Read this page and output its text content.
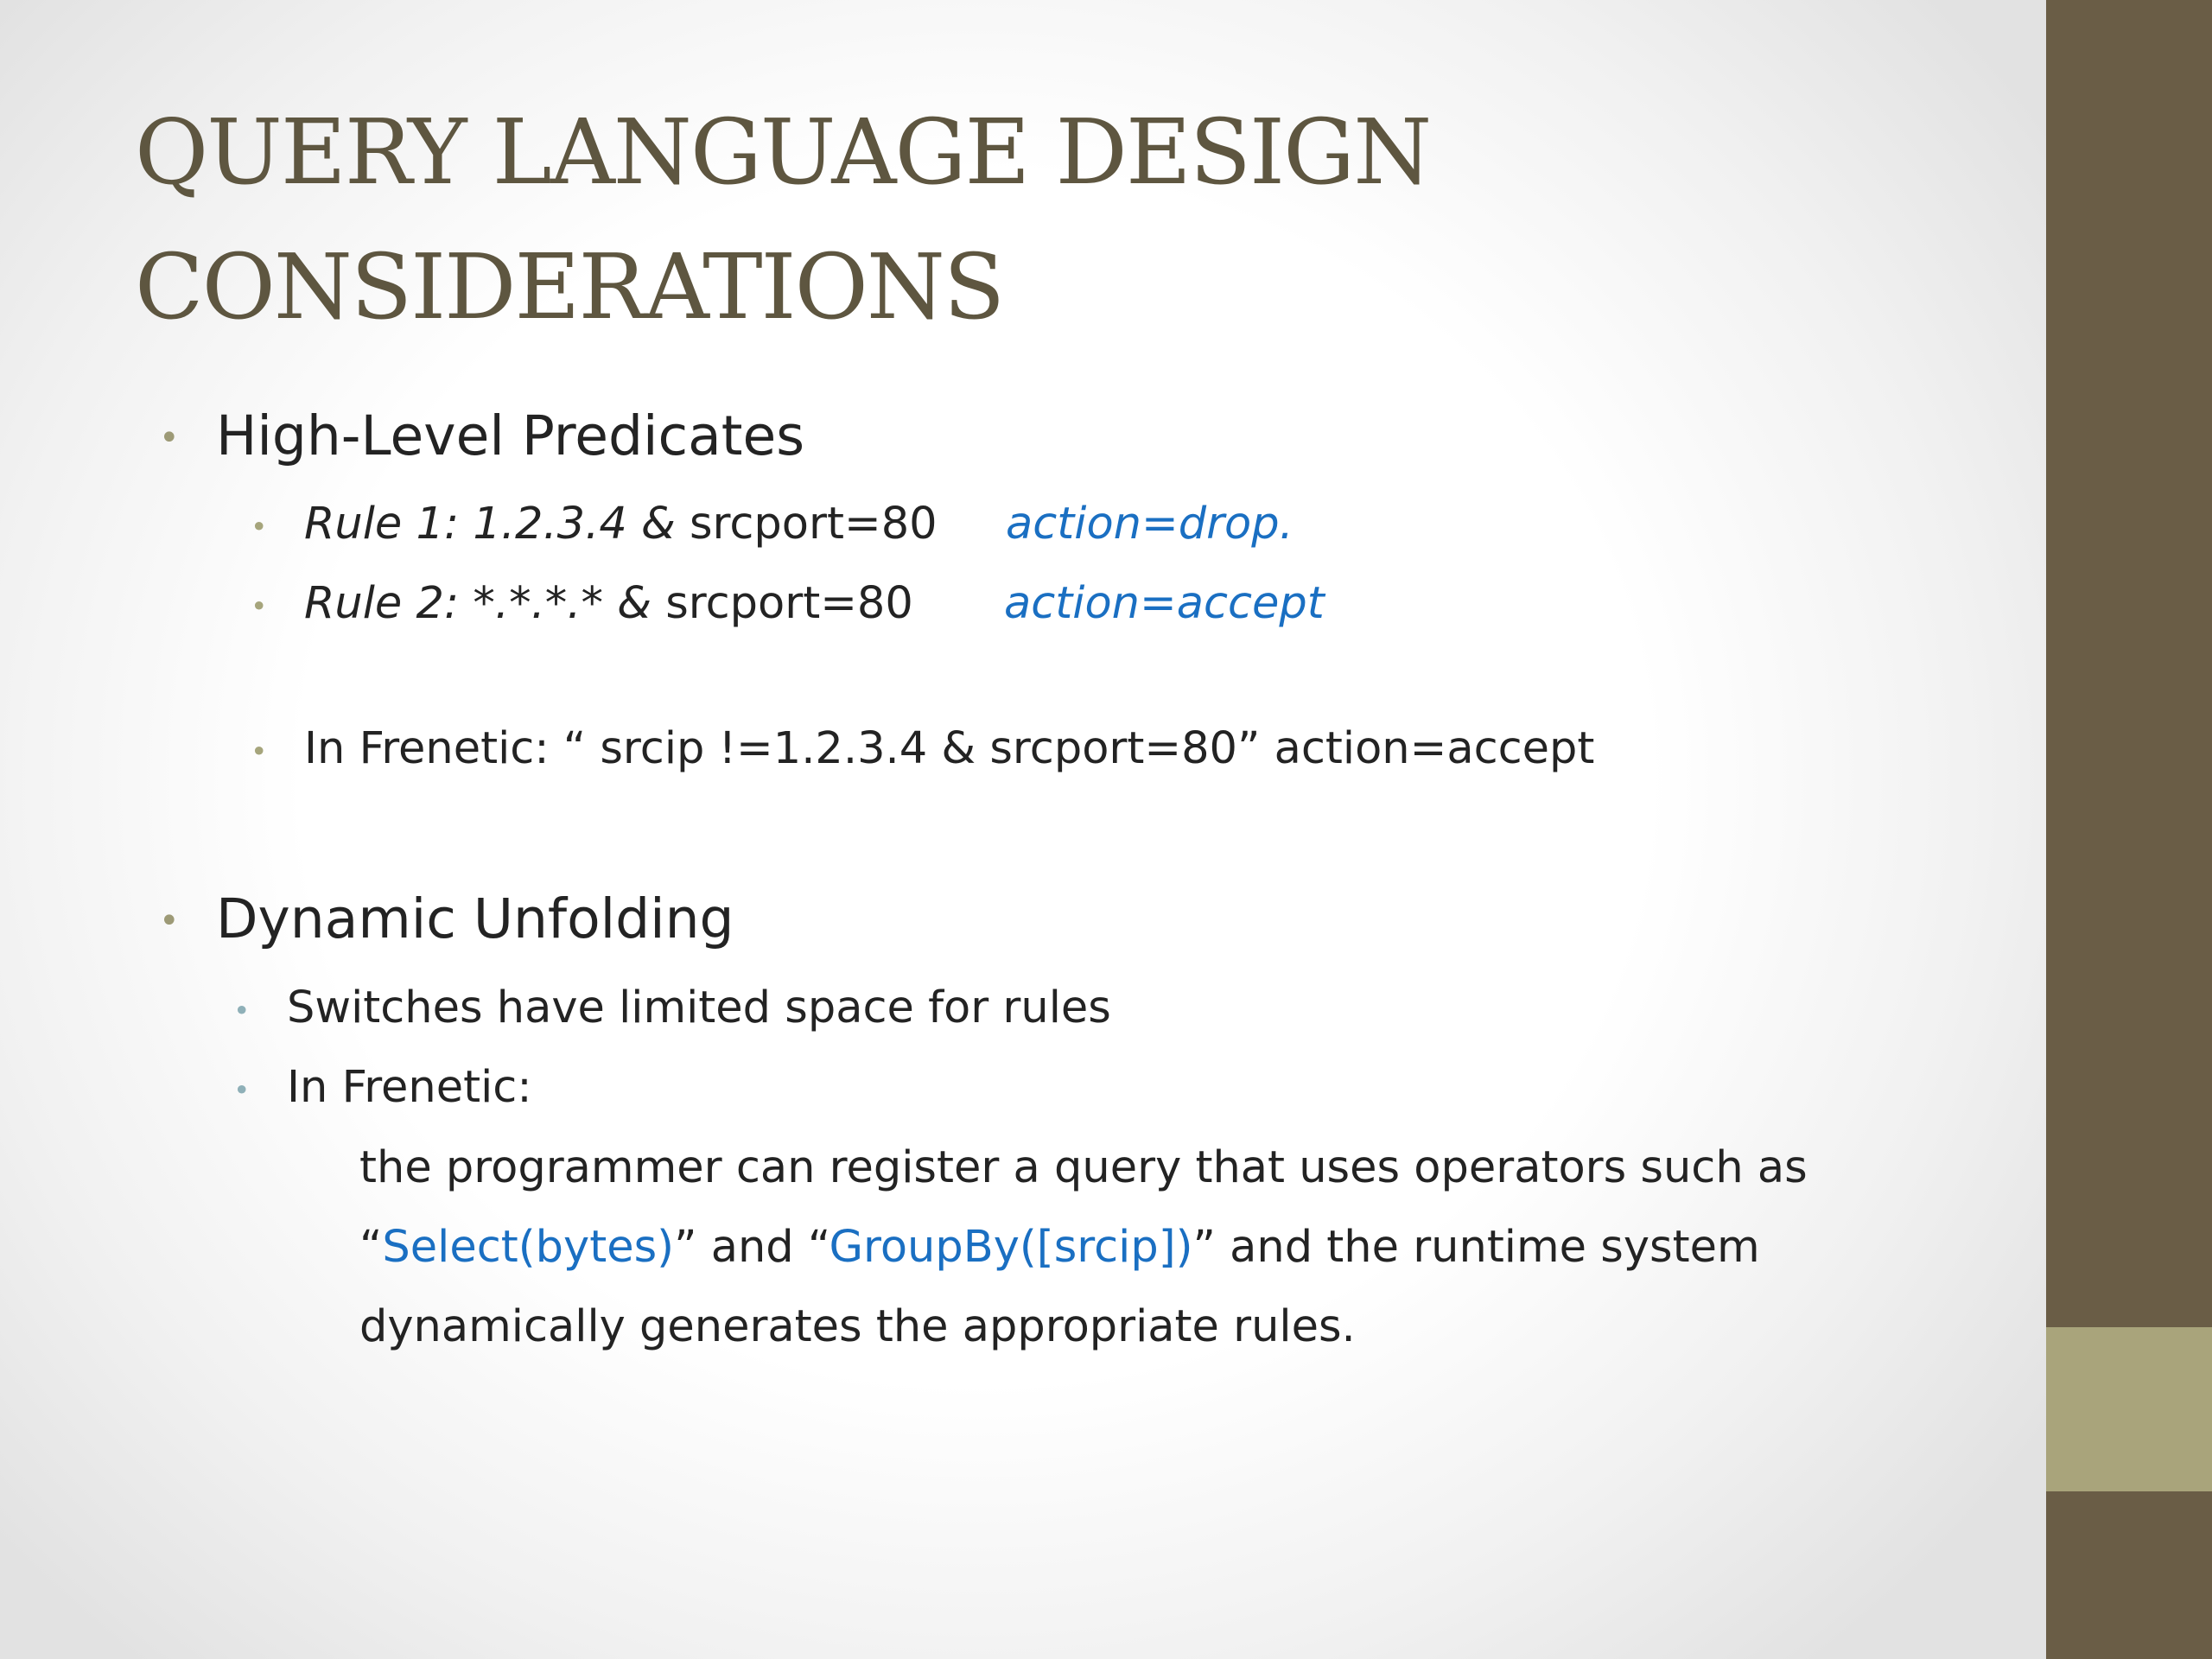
QUERY LANGUAGE DESIGN
CONSIDERATIONS
• High-Level Predicates
• Rule 1: 1.2.3.4 & srcport=80 action=drop.
• Rule 2: *.*.*.* & srcport=80 action=accept
• In Frenetic: “ srcip !=1.2.3.4 & srcport=80” action=accept
• Dynamic Unfolding
• Switches have limited space for rules
• In Frenetic:
the programmer can register a query that uses operators such as
“Select(bytes)” and “GroupBy([srcip])” and the runtime system
dynamically generates the appropriate rules.
